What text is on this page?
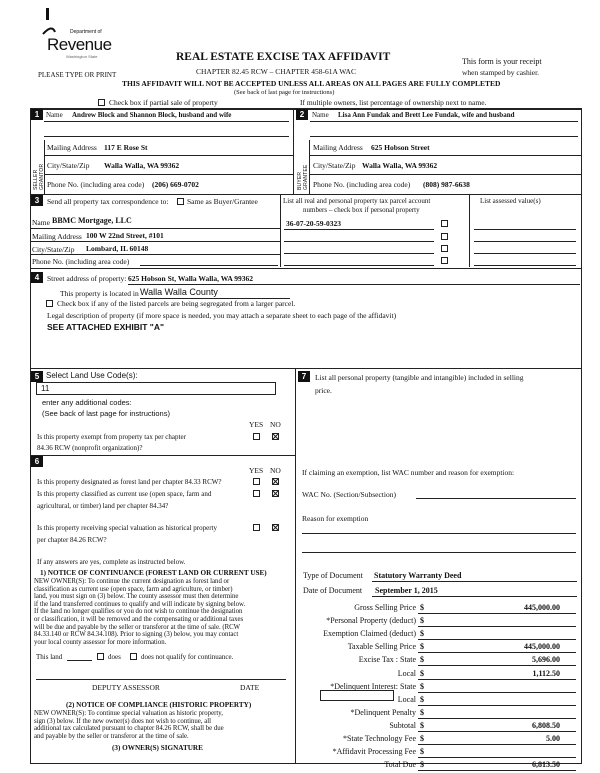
Department of
Revenue
Washington State
PLEASE TYPE OR PRINT
REAL ESTATE EXCISE TAX AFFIDAVIT
CHAPTER 82.45 RCW – CHAPTER 458-61A WAC
This form is your receipt
when stamped by cashier.
THIS AFFIDAVIT WILL NOT BE ACCEPTED UNLESS ALL AREAS ON ALL PAGES ARE FULLY COMPLETED
(See back of last page for instructions)
Check box if partial sale of property	If multiple owners, list percentage of ownership next to name.
1 Name Andrew Block and Shannon Block, husband and wife
SELLER GRANTOR
Mailing Address 117 E Rose St
City/State/Zip Walla Walla, WA 99362
Phone No. (including area code) (206) 669-0702
2	Name Lisa Ann Fundak and Brett Lee Fundak, wife and husband
BUYER GRANTEE
Mailing Address 625 Hobson Street
City/State/Zip Walla Walla, WA 99362
Phone No. (including area code) (808) 987-6638
3	Send all property tax correspondence to: Same as Buyer/Grantee	List all real and personal property tax parcel account
numbers – check box if personal property
List assessed value(s)
Name BBMC Mortgage, LLC
Mailing Address 100 W 22nd Street, #101
City/State/Zip Lombard, IL 60148
Phone No. (including area code)
36-07-20-59-0323
4	Street address of property: 625 Hobson St, Walla Walla, WA 99362
This property is located in Walla Walla County
Check box if any of the listed parcels are being segregated from a larger parcel.
Legal description of property (if more space is needed, you may attach a separate sheet to each page of the affidavit)
SEE ATTACHED EXHIBIT "A"
5 Select Land Use Code(s):
11
enter any additional codes:
(See back of last page for instructions)
YES NO
Is this property exempt from property tax per chapter
84.36 RCW (nonprofit organization)?
6
YES NO
Is this property designated as forest land per chapter 84.33 RCW?
Is this property classified as current use (open space, farm and
agricultural, or timber) land per chapter 84.34?
Is this property receiving special valuation as historical property
per chapter 84.26 RCW?
If any answers are yes, complete as instructed below.
1) NOTICE OF CONTINUANCE (FOREST LAND OR CURRENT USE)
NEW OWNER(S): To continue the current designation as forest land or
classification as current use (open space, farm and agriculture, or timber)
land, you must sign on (3) below. The county assessor must then determine
if the land transferred continues to qualify and will indicate by signing below.
If the land no longer qualifies or you do not wish to continue the designation
or classification, it will be removed and the compensating or additional taxes
will be due and payable by the seller or transferor at the time of sale. (RCW
84.33.140 or RCW 84.34.108). Prior to signing (3) below, you may contact
your local county assessor for more information.
This land	does	does not qualify for continuance.
DEPUTY ASSESSOR	DATE
(2) NOTICE OF COMPLIANCE (HISTORIC PROPERTY)
NEW OWNER(S): To continue special valuation as historic property,
sign (3) below. If the new owner(s) does not wish to continue, all
additional tax calculated pursuant to chapter 84.26 RCW, shall be due
and payable by the seller or transferor at the time of sale.
(3) OWNER(S) SIGNATURE
7	List all personal property (tangible and intangible) included in selling
price.
If claiming an exemption, list WAC number and reason for exemption:
WAC No. (Section/Subsection)
Reason for exemption
Type of Document Statutory Warranty Deed
Date of Document September 1, 2015
Gross Selling Price $	445,000.00
*Personal Property (deduct) $
Exemption Claimed (deduct) $
Taxable Selling Price $	445,000.00
Excise Tax : State $	5,696.00
Local $	1,112.50
*Delinquent Interest: State $
Local $
*Delinquent Penalty $
Subtotal $	6,808.50
*State Technology Fee $	5.00
*Affidavit Processing Fee $
Total Due $	6,813.50
